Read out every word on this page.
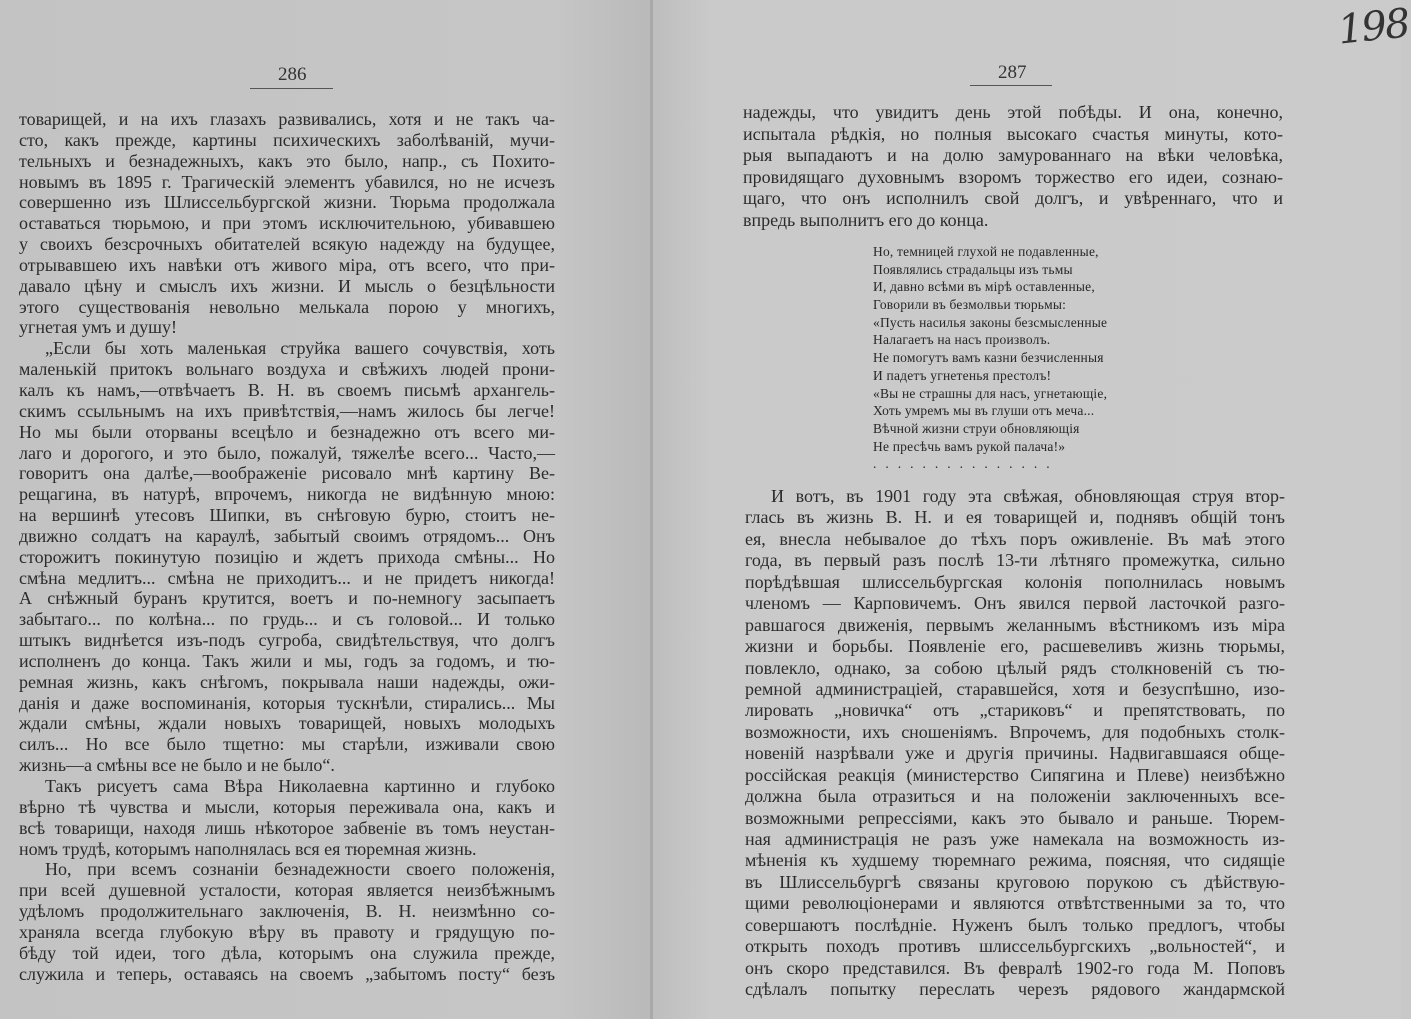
286	287
198
товарищей, и на ихъ глазахъ развивались, хотя и не такъ ча-
сто, какъ прежде, картины психическихъ заболѣваній, мучи-
тельныхъ и безнадежныхъ, какъ это было, напр., съ Похито-
новымъ въ 1895 г. Трагическій элементъ убавился, но не исчезъ
совершенно изъ Шлиссельбургской жизни. Тюрьма продолжала
оставаться тюрьмою, и при этомъ исключительною, убивавшею
у своихъ безсрочныхъ обитателей всякую надежду на будущее,
отрывавшею ихъ навѣки отъ живого міра, отъ всего, что при-
давало цѣну и смыслъ ихъ жизни. И мысль о безцѣльности
этого существованія невольно мелькала порою у многихъ,
угнетая умъ и душу!
„Если бы хоть маленькая струйка вашего сочувствія, хоть
маленькій притокъ вольнаго воздуха и свѣжихъ людей прони-
калъ къ намъ,—отвѣчаетъ В. Н. въ своемъ письмѣ архангель-
скимъ ссыльнымъ на ихъ привѣтствія,—намъ жилось бы легче!
Но мы были оторваны всецѣло и безнадежно отъ всего ми-
лаго и дорогого, и это было, пожалуй, тяжелѣе всего... Часто,—
говоритъ она далѣе,—воображеніе рисовало мнѣ картину Ве-
рещагина, въ натурѣ, впрочемъ, никогда не видѣнную мною:
на вершинѣ утесовъ Шипки, въ снѣговую бурю, стоитъ не-
движно солдатъ на караулѣ, забытый своимъ отрядомъ... Онъ
сторожитъ покинутую позицію и ждетъ прихода смѣны... Но
смѣна медлитъ... смѣна не приходитъ... и не придетъ никогда!
А снѣжный буранъ крутится, воетъ и по-немногу засыпаетъ
забытаго... по колѣна... по грудь... и съ головой... И только
штыкъ виднѣется изъ-подъ сугроба, свидѣтельствуя, что долгъ
исполненъ до конца. Такъ жили и мы, годъ за годомъ, и тю-
ремная жизнь, какъ снѣгомъ, покрывала наши надежды, ожи-
данія и даже воспоминанія, которыя тускнѣли, стирались... Мы
ждали смѣны, ждали новыхъ товарищей, новыхъ молодыхъ
силъ... Но все было тщетно: мы старѣли, изживали свою
жизнь—а смѣны все не было и не было“.
Такъ рисуетъ сама Вѣра Николаевна картинно и глубоко
вѣрно тѣ чувства и мысли, которыя переживала она, какъ и
всѣ товарищи, находя лишь нѣкоторое забвеніе въ томъ неустан-
номъ трудѣ, которымъ наполнялась вся ея тюремная жизнь.
Но, при всемъ сознаніи безнадежности своего положенія,
при всей душевной усталости, которая является неизбѣжнымъ
удѣломъ продолжительнаго заключенія, В. Н. неизмѣнно со-
храняла всегда глубокую вѣру въ правоту и грядущую по-
бѣду той идеи, того дѣла, которымъ она служила прежде,
служила и теперь, оставаясь на своемъ „забытомъ посту“ безъ
надежды, что увидитъ день этой побѣды. И она, конечно,
испытала рѣдкія, но полныя высокаго счастья минуты, кото-
рыя выпадаютъ и на долю замурованнаго на вѣки человѣка,
провидящаго духовнымъ взоромъ торжество его идеи, сознаю-
щаго, что онъ исполнилъ свой долгъ, и увѣреннаго, что и
впредь выполнитъ его до конца.
Но, темницей глухой не подавленные,
Появлялись страдальцы изъ тьмы
И, давно всѣми въ мірѣ оставленные,
Говорили въ безмолвьи тюрьмы:
«Пусть насилья законы безсмысленные
Налагаетъ на насъ произволъ.
Не помогутъ вамъ казни безчисленныя
И падетъ угнетенья престолъ!
«Вы не страшны для насъ, угнетающіе,
Хоть умремъ мы въ глуши отъ меча...
Вѣчной жизни струи обновляющія
Не пресѣчь вамъ рукой палача!»
...............
И вотъ, въ 1901 году эта свѣжая, обновляющая струя втор-
глась въ жизнь В. Н. и ея товарищей и, поднявъ общій тонъ
ея, внесла небывалое до тѣхъ поръ оживленіе. Въ маѣ этого
года, въ первый разъ послѣ 13-ти лѣтняго промежутка, сильно
порѣдѣвшая шлиссельбургская колонія пополнилась новымъ
членомъ — Карповичемъ. Онъ явился первой ласточкой разго-
равшагося движенія, первымъ желаннымъ вѣстникомъ изъ міра
жизни и борьбы. Появленіе его, расшевеливъ жизнь тюрьмы,
повлекло, однако, за собою цѣлый рядъ столкновеній съ тю-
ремной администраціей, старавшейся, хотя и безуспѣшно, изо-
лировать „новичка“ отъ „стариковъ“ и препятствовать, по
возможности, ихъ сношеніямъ. Впрочемъ, для подобныхъ столк-
новеній назрѣвали уже и другія причины. Надвигавшаяся обще-
россійская реакція (министерство Сипягина и Плеве) неизбѣжно
должна была отразиться и на положеніи заключенныхъ все-
возможными репрессіями, какъ это бывало и раньше. Тюрем-
ная администрація не разъ уже намекала на возможность из-
мѣненія къ худшему тюремнаго режима, поясняя, что сидящіе
въ Шлиссельбургѣ связаны круговою порукою съ дѣйствую-
щими революціонерами и являются отвѣтственными за то, что
совершаютъ послѣдніе. Нуженъ былъ только предлогъ, чтобы
открыть походъ противъ шлиссельбургскихъ „вольностей“, и
онъ скоро представился. Въ февралѣ 1902-го года М. Поповъ
сдѣлалъ попытку переслать черезъ рядового жандармской
